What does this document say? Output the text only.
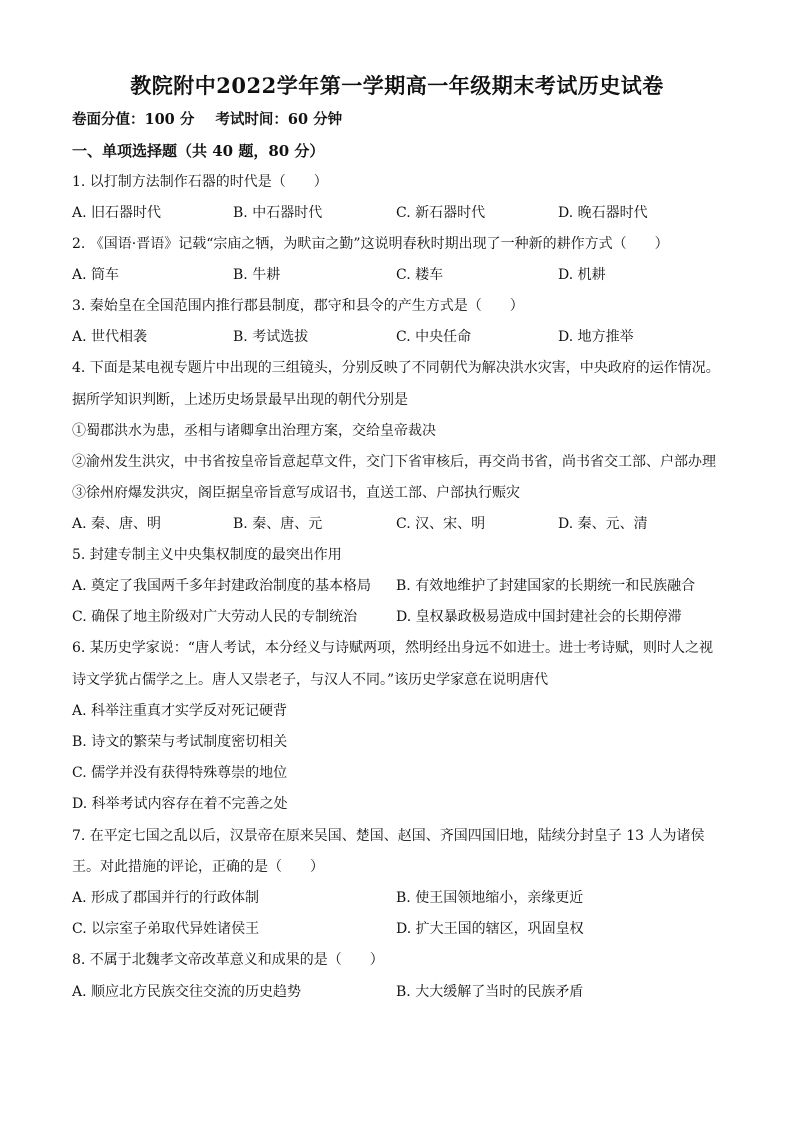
教院附中2022学年第一学期高一年级期末考试历史试卷
卷面分值：100 分 考试时间：60 分钟
一、单项选择题（共 40 题，80 分）
1. 以打制方法制作石器的时代是（　　）
A. 旧石器时代	B. 中石器时代	C. 新石器时代	D. 晚石器时代
2. 《国语·晋语》记载“宗庙之牺，为畎亩之勤”这说明春秋时期出现了一种新的耕作方式（　　）
A. 筒车	B. 牛耕	C. 耧车	D. 机耕
3. 秦始皇在全国范围内推行郡县制度，郡守和县令的产生方式是（　　）
A. 世代相袭	B. 考试选拔	C. 中央任命	D. 地方推举
4. 下面是某电视专题片中出现的三组镜头，分别反映了不同朝代为解决洪水灾害，中央政府的运作情况。
据所学知识判断，上述历史场景最早出现的朝代分别是
①蜀郡洪水为患，丞相与诸卿拿出治理方案，交给皇帝裁决
②渝州发生洪灾，中书省按皇帝旨意起草文件，交门下省审核后，再交尚书省，尚书省交工部、户部办理
③徐州府爆发洪灾，阁臣据皇帝旨意写成诏书，直送工部、户部执行赈灾
A. 秦、唐、明	B. 秦、唐、元	C. 汉、宋、明	D. 秦、元、清
5. 封建专制主义中央集权制度的最突出作用
A. 奠定了我国两千多年封建政治制度的基本格局 B. 有效地维护了封建国家的长期统一和民族融合
C. 确保了地主阶级对广大劳动人民的专制统治	D. 皇权暴政极易造成中国封建社会的长期停滞
6. 某历史学家说：“唐人考试，本分经义与诗赋两项，然明经出身远不如进士。进士考诗赋，则时人之视
诗文学犹占儒学之上。唐人又崇老子，与汉人不同。”该历史学家意在说明唐代
A. 科举注重真才实学反对死记硬背
B. 诗文的繁荣与考试制度密切相关
C. 儒学并没有获得特殊尊崇的地位
D. 科举考试内容存在着不完善之处
7. 在平定七国之乱以后，汉景帝在原来吴国、楚国、赵国、齐国四国旧地，陆续分封皇子 13 人为诸侯
王。对此措施的评论，正确的是（　　）
A. 形成了郡国并行的行政体制	B. 使王国领地缩小，亲缘更近
C. 以宗室子弟取代异姓诸侯王	D. 扩大王国的辖区，巩固皇权
8. 不属于北魏孝文帝改革意义和成果的是（　　）
A. 顺应北方民族交往交流的历史趋势	B. 大大缓解了当时的民族矛盾
